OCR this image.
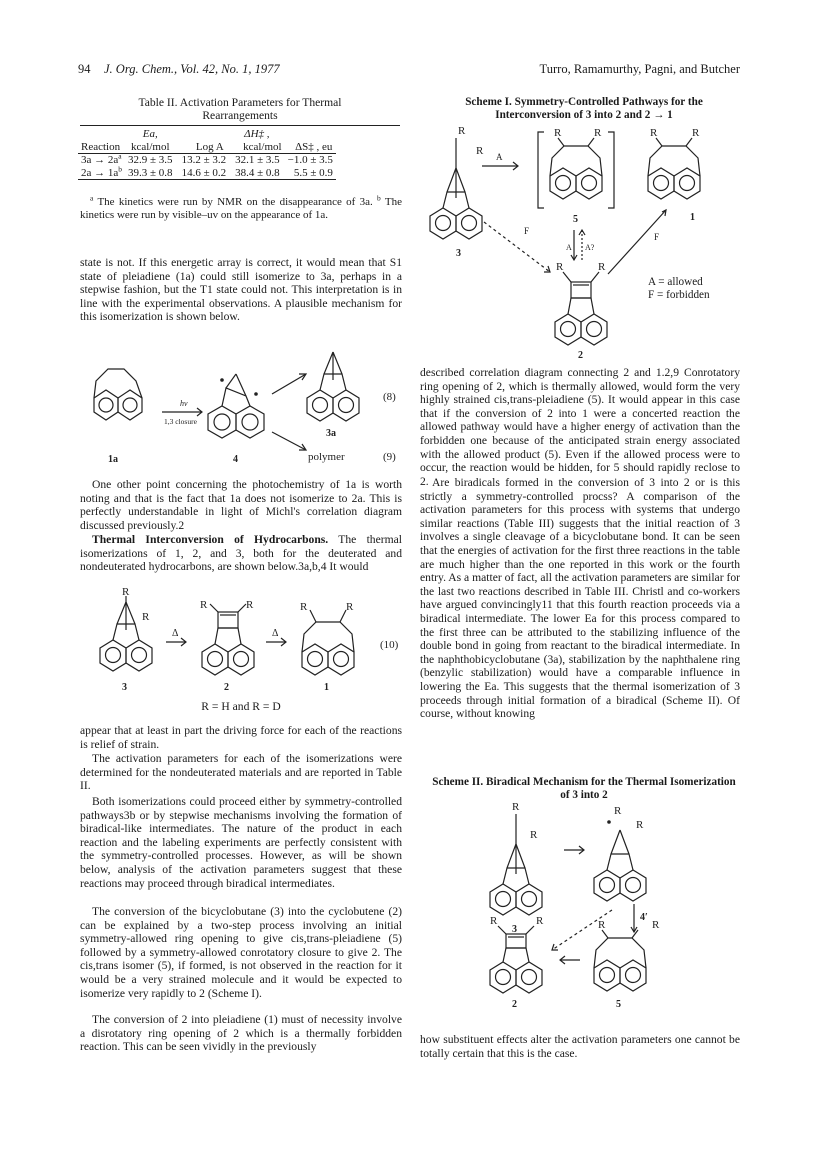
94 J. Org. Chem., Vol. 42, No. 1, 1977	Turro, Ramamurthy, Pagni, and Butcher
Table II. Activation Parameters for Thermal
Rearrangements
	Ea,		ΔH‡ ,	
Reaction	kcal/mol	Log A	kcal/mol	ΔS‡ , eu
$3a \to 2a^a$	32.9 ± 3.5	13.2 ± 3.2	32.1 ± 3.5	−1.0 ± 3.5
$2a \to 1a^b$	39.3 ± 0.8	14.6 ± 0.2	38.4 ± 0.8	5.5 ± 0.9
$^a$ The kinetics were run by NMR on the disappearance of 3a. $^b$ The kinetics were run by visible–uv on the appearance of 1a.

state is not. If this energetic array is correct, it would mean that S1 state of pleiadiene (1a) could still isomerize to 3a, perhaps in a stepwise fashion, but the T1 state could not. This interpretation is in line with the experimental observations. A plausible mechanism for this isomerization is shown below.

(8)
(9)
hν
1,3 closure
1a	4
3a
polymer

One other point concerning the photochemistry of 1a is worth noting and that is the fact that 1a does not isomerize to 2a. This is perfectly understandable in light of Michl's correlation diagram discussed previously.2

Thermal Interconversion of Hydrocarbons. The thermal isomerizations of 1, 2, and 3, both for the deuterated and nondeuterated hydrocarbons, are shown below.3a,b,4 It would

R
R
R	R	R	R
Δ	Δ
(10)
3	2	1
R = H and R = D

appear that at least in part the driving force for each of the reactions is relief of strain.

The activation parameters for each of the isomerizations were determined for the nondeuterated materials and are reported in Table II.

Both isomerizations could proceed either by symmetry-controlled pathways3b or by stepwise mechanisms involving the formation of biradical-like intermediates. The nature of the product in each reaction and the labeling experiments are perfectly consistent with the symmetry-controlled processes. However, as will be shown below, analysis of the activation parameters suggest that these reactions may proceed through biradical intermediates.

The conversion of the bicyclobutane (3) into the cyclobutene (2) can be explained by a two-step process involving an initial symmetry-allowed ring opening to give cis,trans-pleiadiene (5) followed by a symmetry-allowed conrotatory closure to give 2. The cis,trans isomer (5), if formed, is not observed in the reaction for it would be a very strained molecule and it would be expected to isomerize very rapidly to 2 (Scheme I).

The conversion of 2 into pleiadiene (1) must of necessity involve a disrotatory ring opening of 2 which is a thermally forbidden reaction. This can be seen vividly in the previously

Scheme I. Symmetry-Controlled Pathways for the Interconversion of 3 into 2 and 2 → 1
R
R
3
A
R	R
5
R	R
1
F
F
A A?
R	R
2
A = allowed
F = forbidden

described correlation diagram connecting 2 and 1.2,9 Conrotatory ring opening of 2, which is thermally allowed, would form the very highly strained cis,trans-pleiadiene (5). It would appear in this case that if the conversion of 2 into 1 were a concerted reaction the allowed pathway would have a higher energy of activation than the forbidden one because of the anticipated strain energy associated with the allowed product (5). Even if the allowed process were to occur, the reaction would be hidden, for 5 should rapidly reclose to 2. Are biradicals formed in the conversion of 3 into 2 or is this strictly a symmetry-controlled procss? A comparison of the activation parameters for this process with systems that undergo similar reactions (Table III) suggests that the initial reaction of 3 involves a single cleavage of a bicyclobutane bond. It can be seen that the energies of activation for the first three reactions in the table are much higher than the one reported in this work or the fourth entry. As a matter of fact, all the activation parameters are similar for the last two reactions described in Table III. Christl and co-workers have argued convincingly11 that this fourth reaction proceeds via a biradical intermediate. The lower Ea for this process compared to the first three can be attributed to the stabilizing influence of the double bond in going from reactant to the biradical intermediate. In the naphthobicyclobutane (3a), stabilization by the naphthalene ring (benzylic stabilization) would have a comparable influence in lowering the Ea. This suggests that the thermal isomerization of 3 proceeds through initial formation of a biradical (Scheme II). Of course, without knowing

Scheme II. Biradical Mechanism for the Thermal Isomerization of 3 into 2
R
R
3
R
R
4′
R	R
2
R	R
5

how substituent effects alter the activation parameters one cannot be totally certain that this is the case.
